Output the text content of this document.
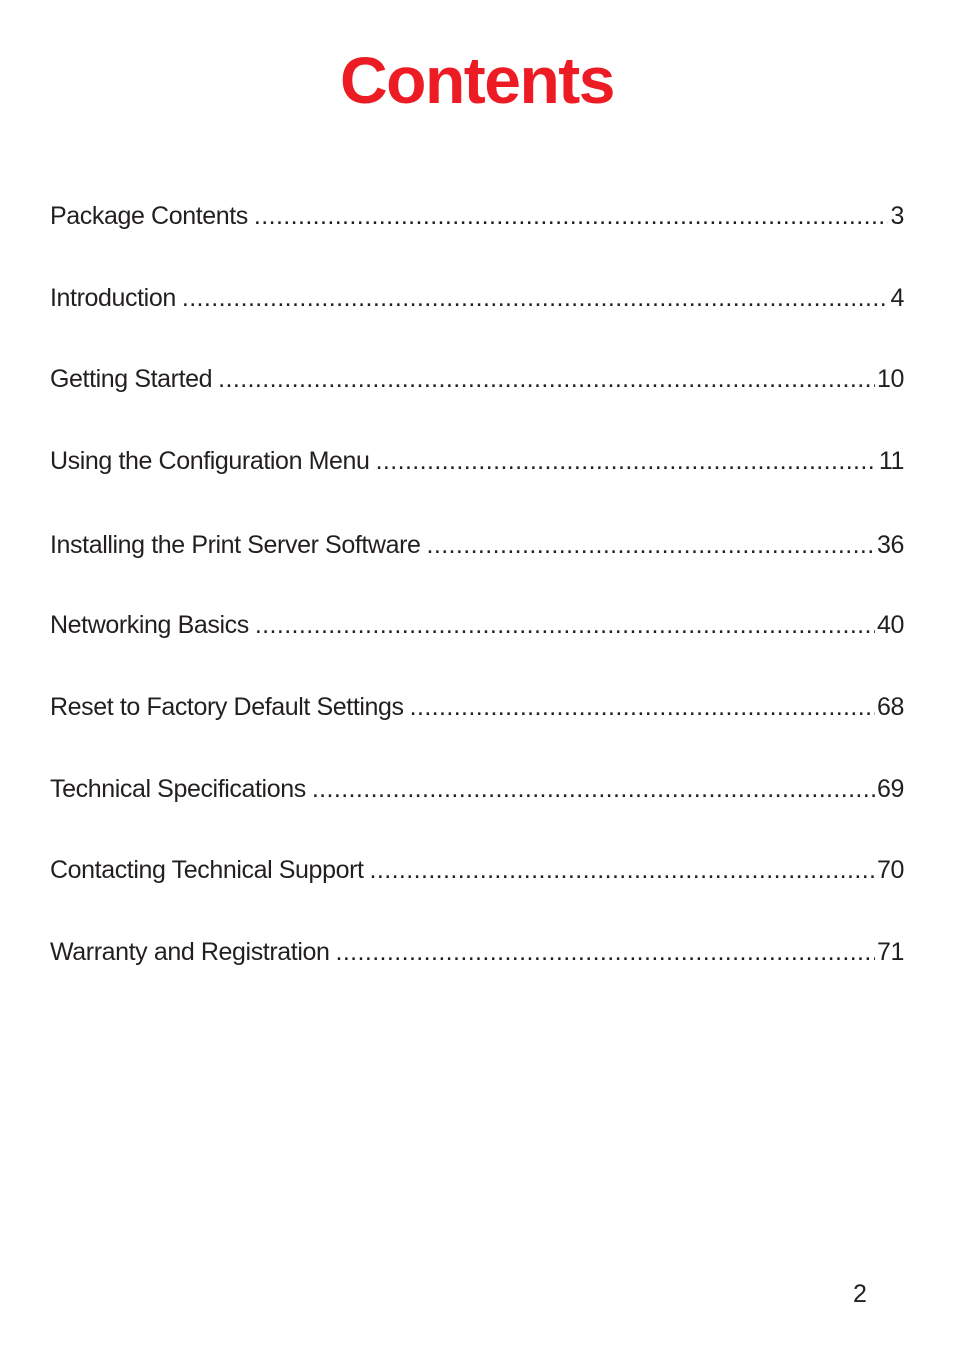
Contents
Package Contents .....	3
Introduction .....	4
Getting Started .....	10
Using the Configuration Menu .....	11
Installing the Print Server Software .....	36
Networking Basics .....	40
Reset to Factory Default Settings .....	68
Technical Specifications .....	69
Contacting Technical Support .....	70
Warranty and Registration .....	71
2
